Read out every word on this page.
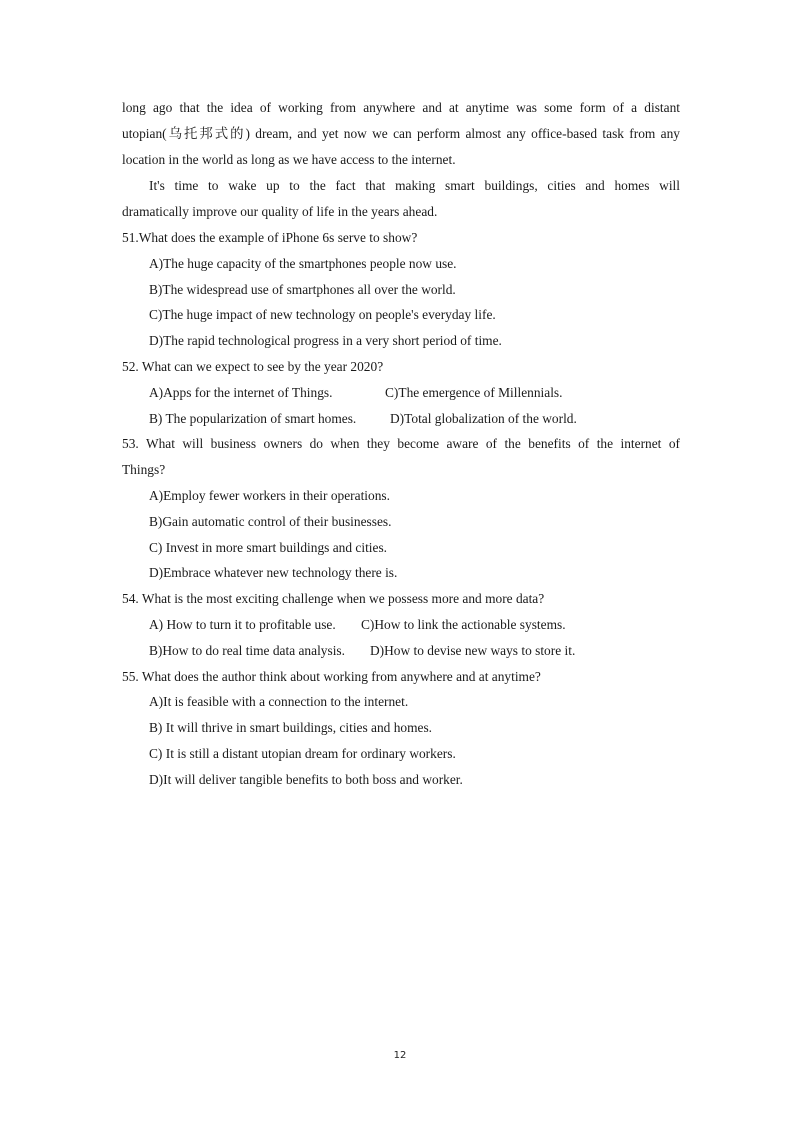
long ago that the idea of working from anywhere and at anytime was some form of a distant

utopian(乌托邦式的) dream, and yet now we can perform almost any office-based task from any

location in the world as long as we have access to the internet.

It's time to wake up to the fact that making smart buildings, cities and homes will

dramatically improve our quality of life in the years ahead.

51.What does the example of iPhone 6s serve to show?

A)The huge capacity of the smartphones people now use.

B)The widespread use of smartphones all over the world.

C)The huge impact of new technology on people's everyday life.

D)The rapid technological progress in a very short period of time.

52. What can we expect to see by the year 2020?

A)Apps for the internet of Things.	C)The emergence of Millennials.

B) The popularization of smart homes.	D)Total globalization of the world.

53. What will business owners do when they become aware of the benefits of the internet of

Things?

A)Employ fewer workers in their operations.

B)Gain automatic control of their businesses.

C) Invest in more smart buildings and cities.

D)Embrace whatever new technology there is.

54. What is the most exciting challenge when we possess more and more data?

A) How to turn it to profitable use. C)How to link the actionable systems.

B)How to do real time data analysis. D)How to devise new ways to store it.

55. What does the author think about working from anywhere and at anytime?

A)It is feasible with a connection to the internet.

B) It will thrive in smart buildings, cities and homes.

C) It is still a distant utopian dream for ordinary workers.

D)It will deliver tangible benefits to both boss and worker.

12
